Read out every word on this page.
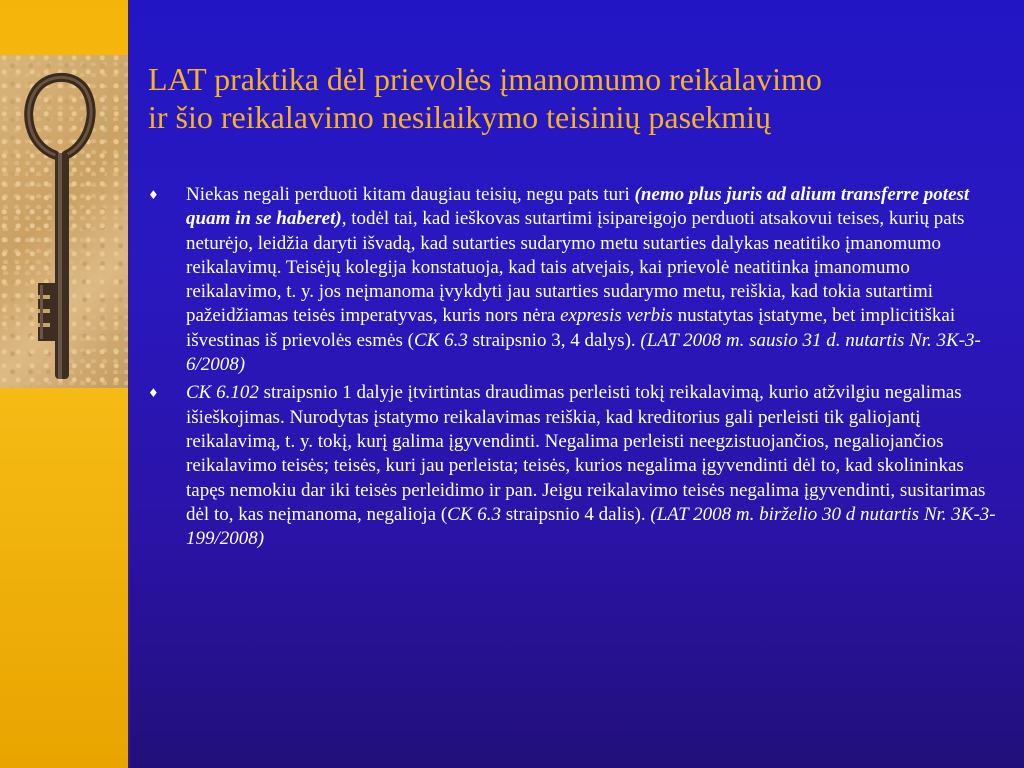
LAT praktika dėl prievolės įmanomumo reikalavimo
ir šio reikalavimo nesilaikymo teisinių pasekmių
♦ Niekas negali perduoti kitam daugiau teisių, negu pats turi (nemo plus juris ad alium transferre potest quam in se haberet), todėl tai, kad ieškovas sutartimi įsipareigojo perduoti atsakovui teises, kurių pats neturėjo, leidžia daryti išvadą, kad sutarties sudarymo metu sutarties dalykas neatitiko įmanomumo reikalavimų. Teisėjų kolegija konstatuoja, kad tais atvejais, kai prievolė neatitinka įmanomumo reikalavimo, t. y. jos neįmanoma įvykdyti jau sutarties sudarymo metu, reiškia, kad tokia sutartimi pažeidžiamas teisės imperatyvas, kuris nors nėra expresis verbis nustatytas įstatyme, bet implicitiškai išvestinas iš prievolės esmės (CK 6.3 straipsnio 3, 4 dalys). (LAT 2008 m. sausio 31 d. nutartis Nr. 3K-3-6/2008)
♦ CK 6.102 straipsnio 1 dalyje įtvirtintas draudimas perleisti tokį reikalavimą, kurio atžvilgiu negalimas išieškojimas. Nurodytas įstatymo reikalavimas reiškia, kad kreditorius gali perleisti tik galiojantį reikalavimą, t. y. tokį, kurį galima įgyvendinti. Negalima perleisti neegzistuojančios, negaliojančios reikalavimo teisės; teisės, kuri jau perleista; teisės, kurios negalima įgyvendinti dėl to, kad skolininkas tapęs nemokiu dar iki teisės perleidimo ir pan. Jeigu reikalavimo teisės negalima įgyvendinti, susitarimas dėl to, kas neįmanoma, negalioja (CK 6.3 straipsnio 4 dalis). (LAT 2008 m. birželio 30 d nutartis Nr. 3K-3-199/2008)
